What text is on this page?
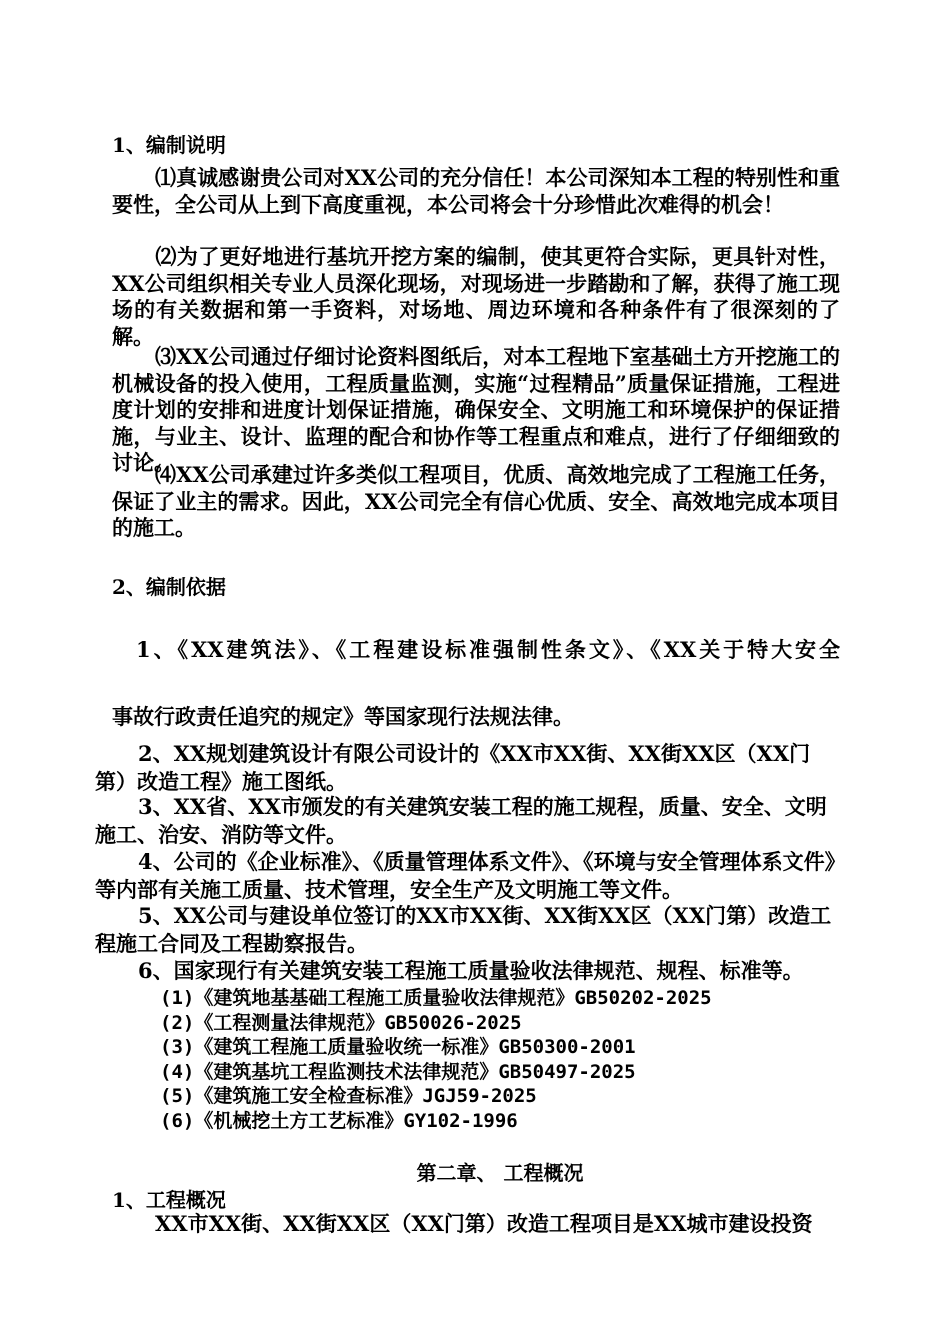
1、编制说明

⑴真诚感谢贵公司对XX公司的充分信任！本公司深知本工程的特别性和重要性，全公司从上到下高度重视，本公司将会十分珍惜此次难得的机会！

⑵为了更好地进行基坑开挖方案的编制，使其更符合实际，更具针对性，XX公司组织相关专业人员深化现场，对现场进一步踏勘和了解，获得了施工现场的有关数据和第一手资料，对场地、周边环境和各种条件有了很深刻的了解。

⑶XX公司通过仔细讨论资料图纸后，对本工程地下室基础土方开挖施工的机械设备的投入使用，工程质量监测，实施“过程精品”质量保证措施，工程进度计划的安排和进度计划保证措施，确保安全、文明施工和环境保护的保证措施，与业主、设计、监理的配合和协作等工程重点和难点，进行了仔细细致的讨论。

⑷XX公司承建过许多类似工程项目，优质、高效地完成了工程施工任务，保证了业主的需求。因此，XX公司完全有信心优质、安全、高效地完成本项目的施工。

2、编制依据
1、《XX建筑法》、《工程建设标准强制性条文》、《XX关于特大安全
事故行政责任追究的规定》等国家现行法规法律。

2、XX规划建筑设计有限公司设计的《XX市XX街、XX街XX区（XX门第）改造工程》施工图纸。

3、XX省、XX市颁发的有关建筑安装工程的施工规程，质量、安全、文明施工、治安、消防等文件。

4、公司的《企业标准》、《质量管理体系文件》、《环境与安全管理体系文件》等内部有关施工质量、技术管理，安全生产及文明施工等文件。

5、XX公司与建设单位签订的XX市XX街、XX街XX区（XX门第）改造工程施工合同及工程勘察报告。

6、国家现行有关建筑安装工程施工质量验收法律规范、规程、标准等。

(1)《建筑地基基础工程施工质量验收法律规范》GB50202-2025
(2)《工程测量法律规范》GB50026-2025
(3)《建筑工程施工质量验收统一标准》GB50300-2001
(4)《建筑基坑工程监测技术法律规范》GB50497-2025
(5)《建筑施工安全检查标准》JGJ59-2025
(6)《机械挖土方工艺标准》GY102-1996
第二章、 工程概况
1、工程概况
XX市XX街、XX街XX区（XX门第）改造工程项目是XX城市建设投资
